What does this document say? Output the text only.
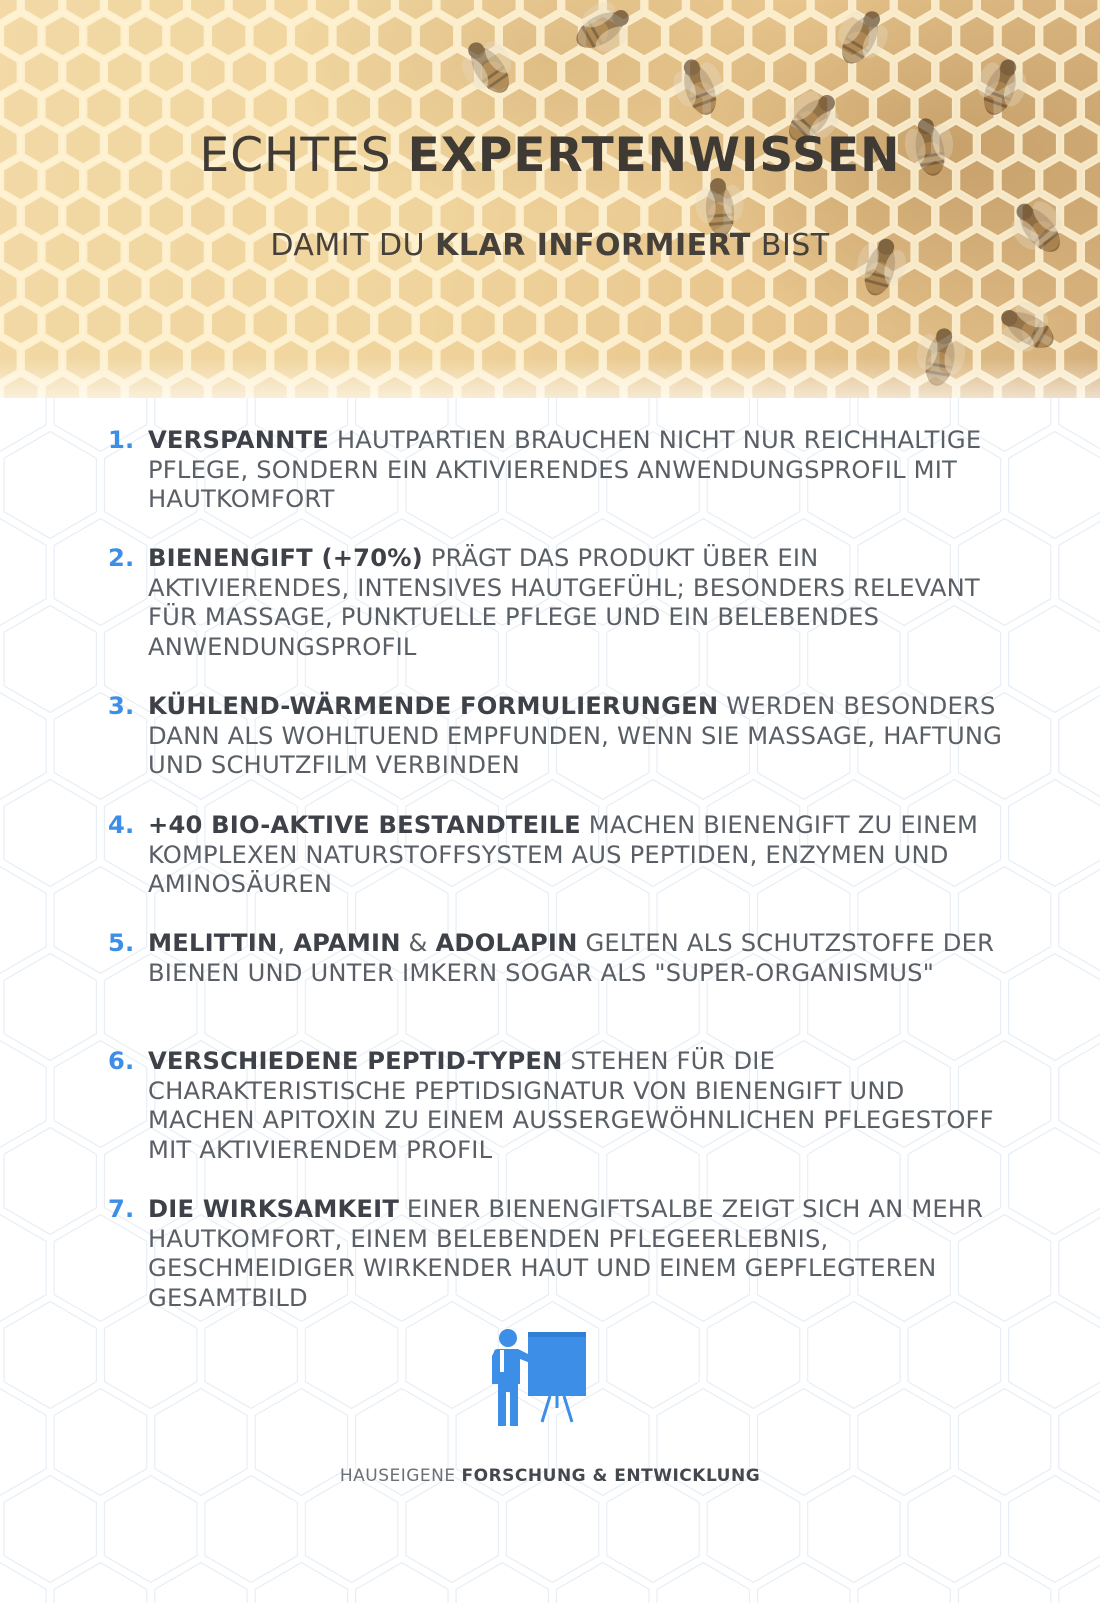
ECHTES EXPERTENWISSEN
DAMIT DU KLAR INFORMIERT BIST
1. VERSPANNTE HAUTPARTIEN BRAUCHEN NICHT NUR REICHHALTIGE PFLEGE, SONDERN EIN AKTIVIERENDES ANWENDUNGSPROFIL MIT HAUTKOMFORT
2. BIENENGIFT (+70%) PRÄGT DAS PRODUKT ÜBER EIN AKTIVIERENDES, INTENSIVES HAUTGEFÜHL; BESONDERS RELEVANT FÜR MASSAGE, PUNKTUELLE PFLEGE UND EIN BELEBENDES ANWENDUNGSPROFIL
3. KÜHLEND-WÄRMENDE FORMULIERUNGEN WERDEN BESONDERS DANN ALS WOHLTUEND EMPFUNDEN, WENN SIE MASSAGE, HAFTUNG UND SCHUTZFILM VERBINDEN
4. +40 BIO-AKTIVE BESTANDTEILE MACHEN BIENENGIFT ZU EINEM KOMPLEXEN NATURSTOFFSYSTEM AUS PEPTIDEN, ENZYMEN UND AMINOSÄUREN
5. MELITTIN, APAMIN & ADOLAPIN GELTEN ALS SCHUTZSTOFFE DER BIENEN UND UNTER IMKERN SOGAR ALS "SUPER-ORGANISMUS"
6. VERSCHIEDENE PEPTID-TYPEN STEHEN FÜR DIE CHARAKTERISTISCHE PEPTIDSIGNATUR VON BIENENGIFT UND MACHEN APITOXIN ZU EINEM AUSSERGEWÖHNLICHEN PFLEGESTOFF MIT AKTIVIERENDEM PROFIL
7. DIE WIRKSAMKEIT EINER BIENENGIFTSALBE ZEIGT SICH AN MEHR HAUTKOMFORT, EINEM BELEBENDEN PFLEGEERLEBNIS, GESCHMEIDIGER WIRKENDER HAUT UND EINEM GEPFLEGTEREN GESAMTBILD
HAUSEIGENE FORSCHUNG & ENTWICKLUNG
